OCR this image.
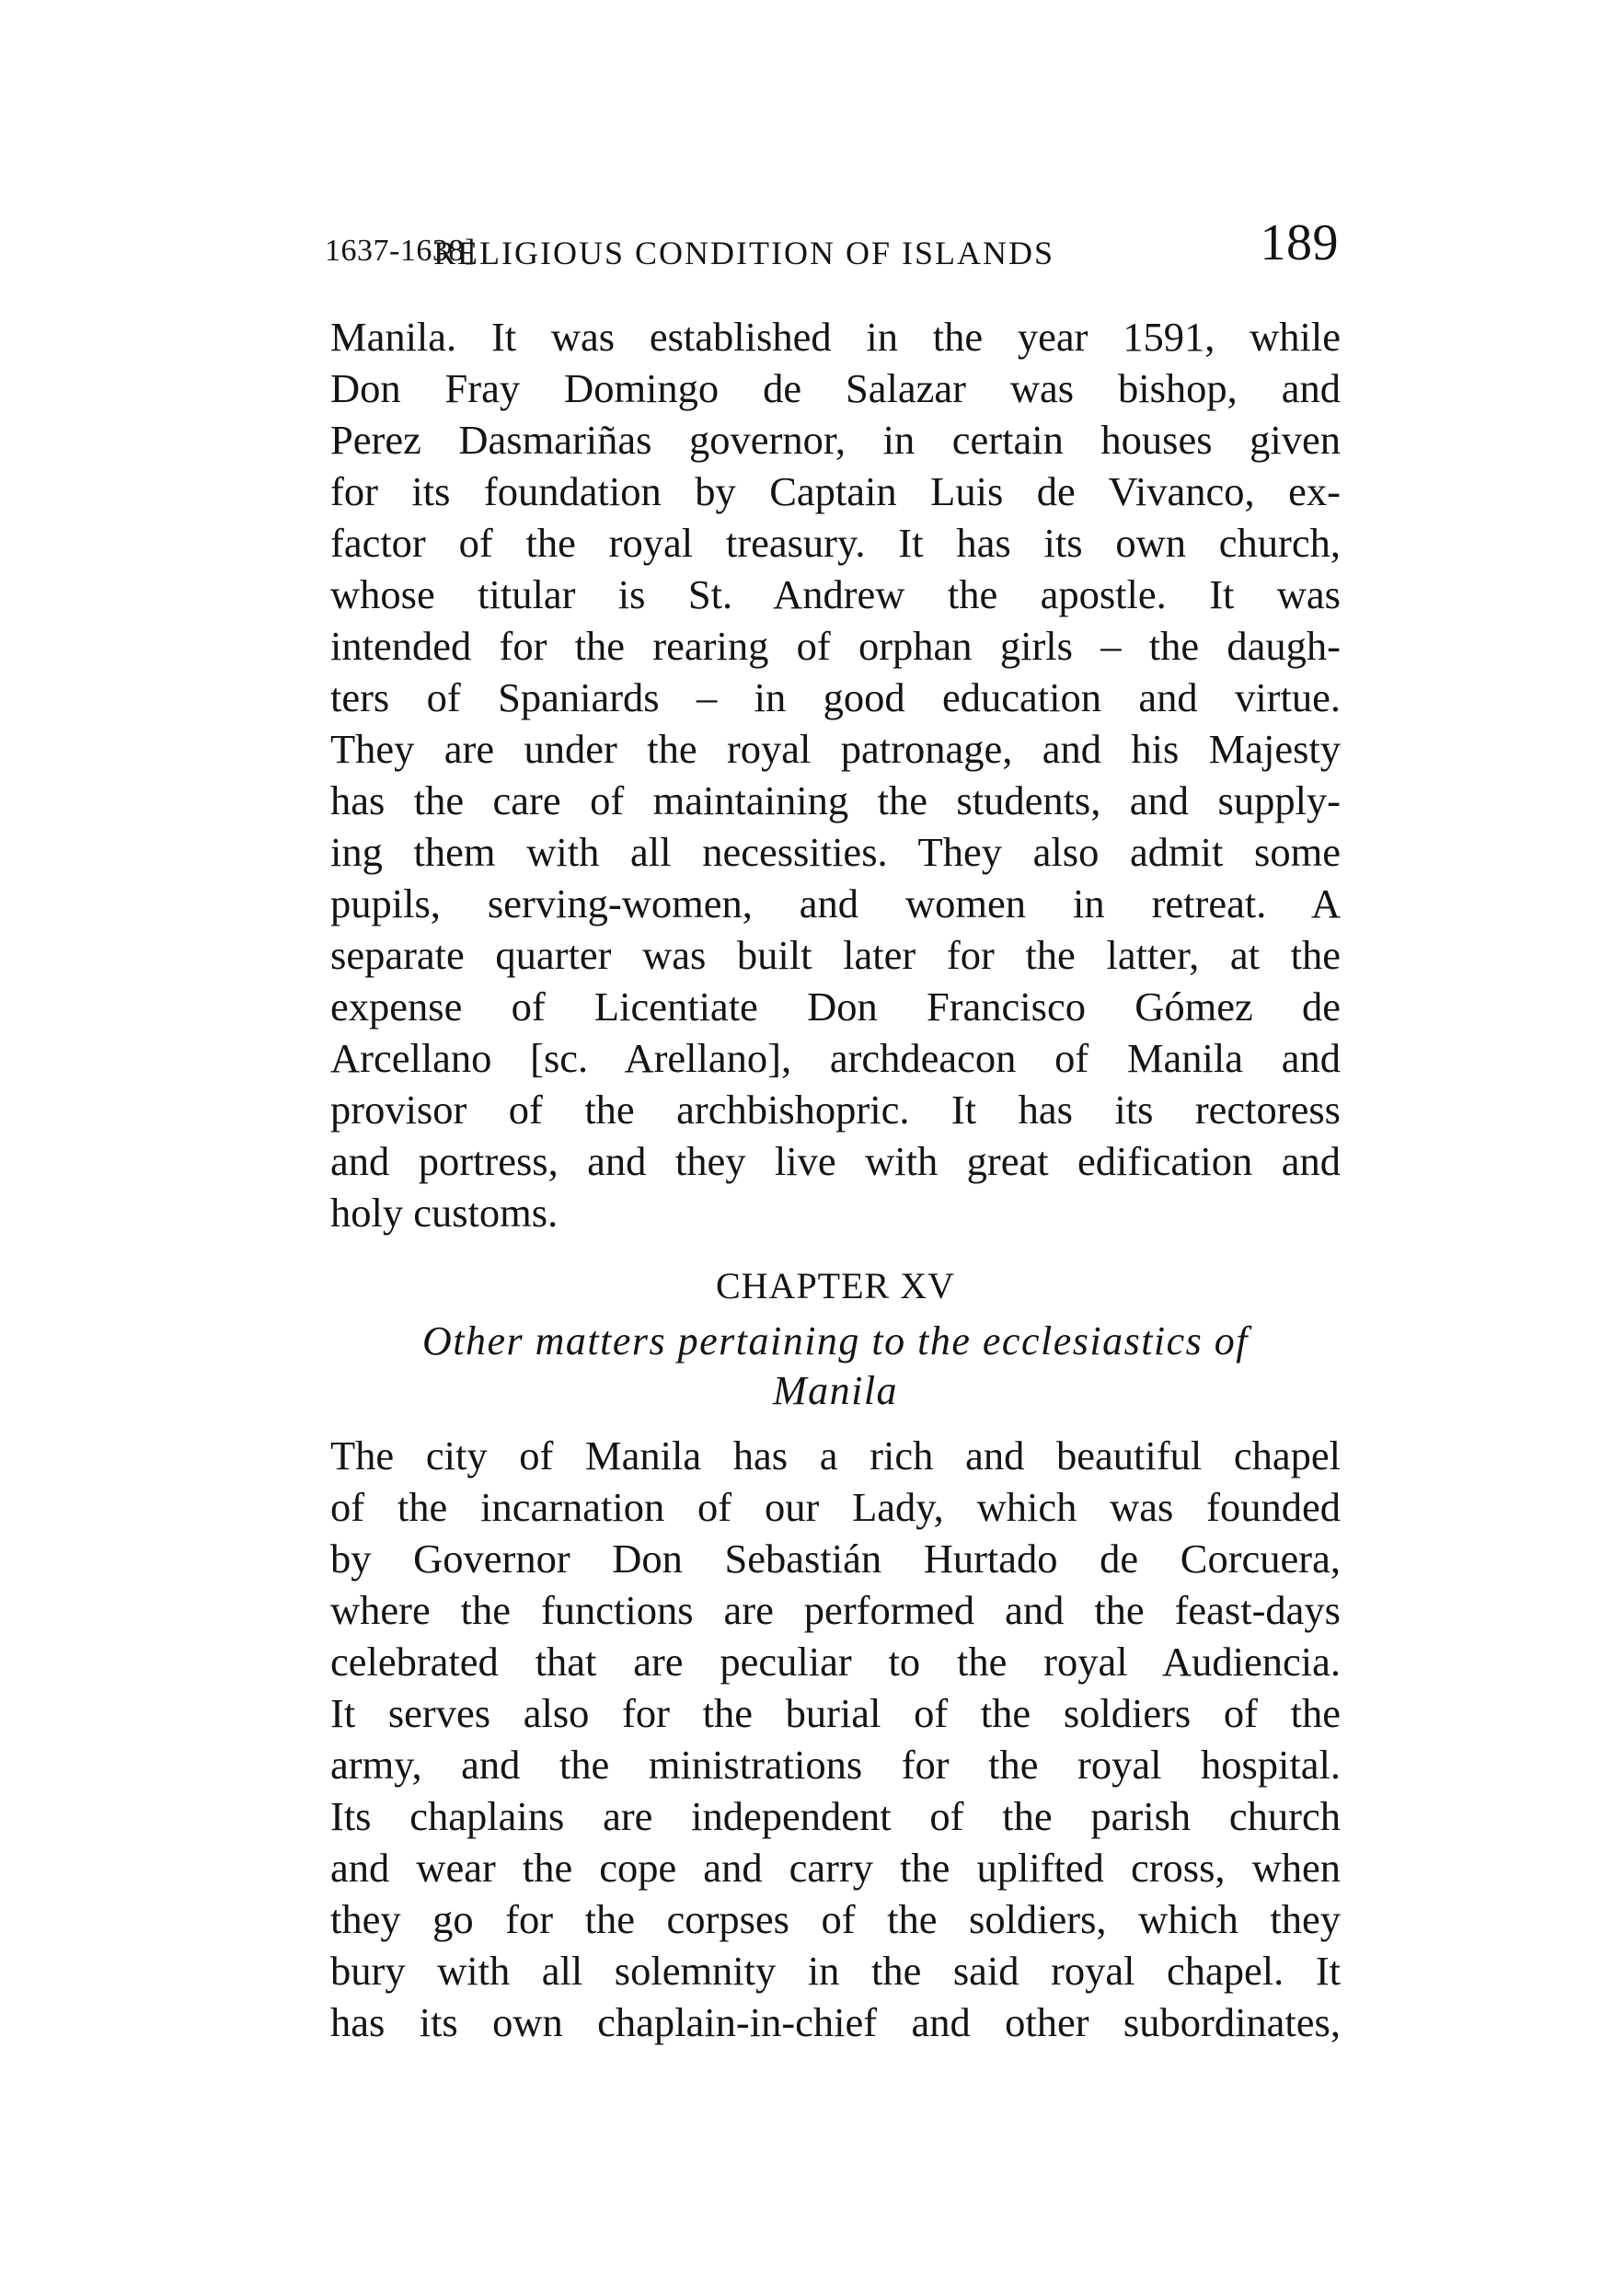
1637-1638]
RELIGIOUS CONDITION OF ISLANDS	189
Manila. It was established in the year 1591, while
Don Fray Domingo de Salazar was bishop, and
Perez Dasmariñas governor, in certain houses given
for its foundation by Captain Luis de Vivanco, ex-
factor of the royal treasury. It has its own church,
whose titular is St. Andrew the apostle. It was
intended for the rearing of orphan girls – the daugh-
ters of Spaniards – in good education and virtue.
They are under the royal patronage, and his Majesty
has the care of maintaining the students, and supply-
ing them with all necessities. They also admit some
pupils, serving-women, and women in retreat. A
separate quarter was built later for the latter, at the
expense of Licentiate Don Francisco Gómez de
Arcellano [sc. Arellano], archdeacon of Manila and
provisor of the archbishopric. It has its rectoress
and portress, and they live with great edification and
holy customs.
CHAPTER XV
Other matters pertaining to the ecclesiastics of
Manila
The city of Manila has a rich and beautiful chapel
of the incarnation of our Lady, which was founded
by Governor Don Sebastián Hurtado de Corcuera,
where the functions are performed and the feast-days
celebrated that are peculiar to the royal Audiencia.
It serves also for the burial of the soldiers of the
army, and the ministrations for the royal hospital.
Its chaplains are independent of the parish church
and wear the cope and carry the uplifted cross, when
they go for the corpses of the soldiers, which they
bury with all solemnity in the said royal chapel. It
has its own chaplain-in-chief and other subordinates,
